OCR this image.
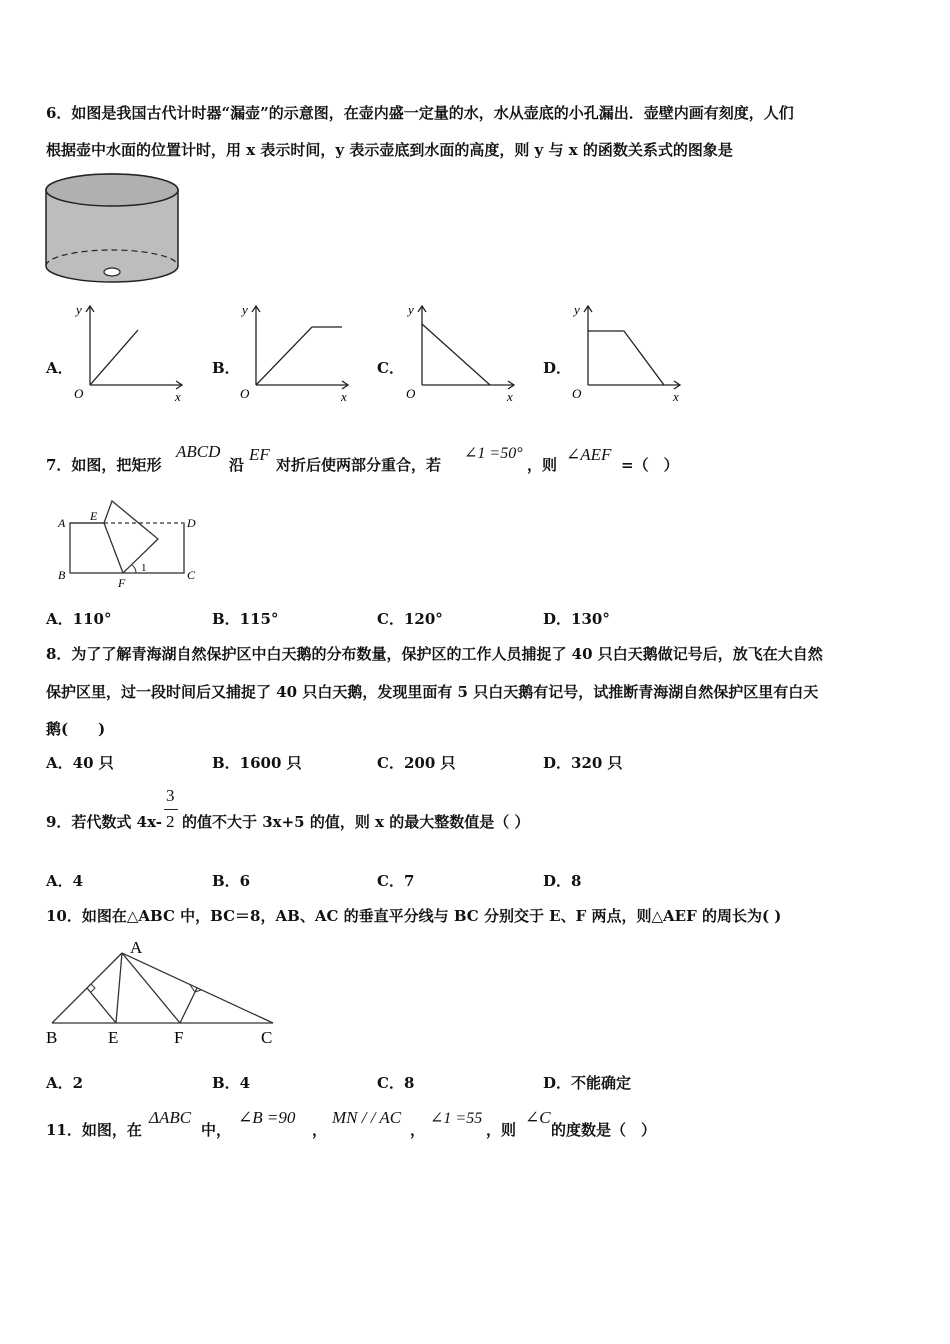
6．如图是我国古代计时器“漏壶”的示意图，在壶内盛一定量的水，水从壶底的小孔漏出．壶壁内画有刻度，人们
根据壶中水面的位置计时，用 x 表示时间，y 表示壶底到水面的高度，则 y 与 x 的函数关系式的图象是
A．
y
O	x
B．
y
O	x
C．
y
O	x
D．
y
O	x
7．如图，把矩形
ABCD
沿
EF
对折后使两部分重合，若
∠1 =50°
，则
∠AEF
=（　）
A E	D
B
F
C
1
A．110°	B．115°	C．120°	D．130°
8．为了了解青海湖自然保护区中白天鹅的分布数量，保护区的工作人员捕捉了 40 只白天鹅做记号后，放飞在大自然
保护区里，过一段时间后又捕捉了 40 只白天鹅，发现里面有 5 只白天鹅有记号，试推断青海湖自然保护区里有白天
鹅(　　)
A．40 只	B．1600 只	C．200 只	D．320 只
9．若代数式 4x-
3
2 的值不大于 3x+5 的值，则 x 的最大整数值是（ ）
A．4	B．6	C．7	D．8
10．如图在△ABC 中，BC＝8，AB、AC 的垂直平分线与 BC 分别交于 E、F 两点，则△AEF 的周长为( )
A
B	E	F	C
A．2	B．4	C．8	D．不能确定
11．如图，在
ΔABC
中，
∠B =90
，
MN / / AC
，
∠1 =55
，则
∠C
的度数是（　）
